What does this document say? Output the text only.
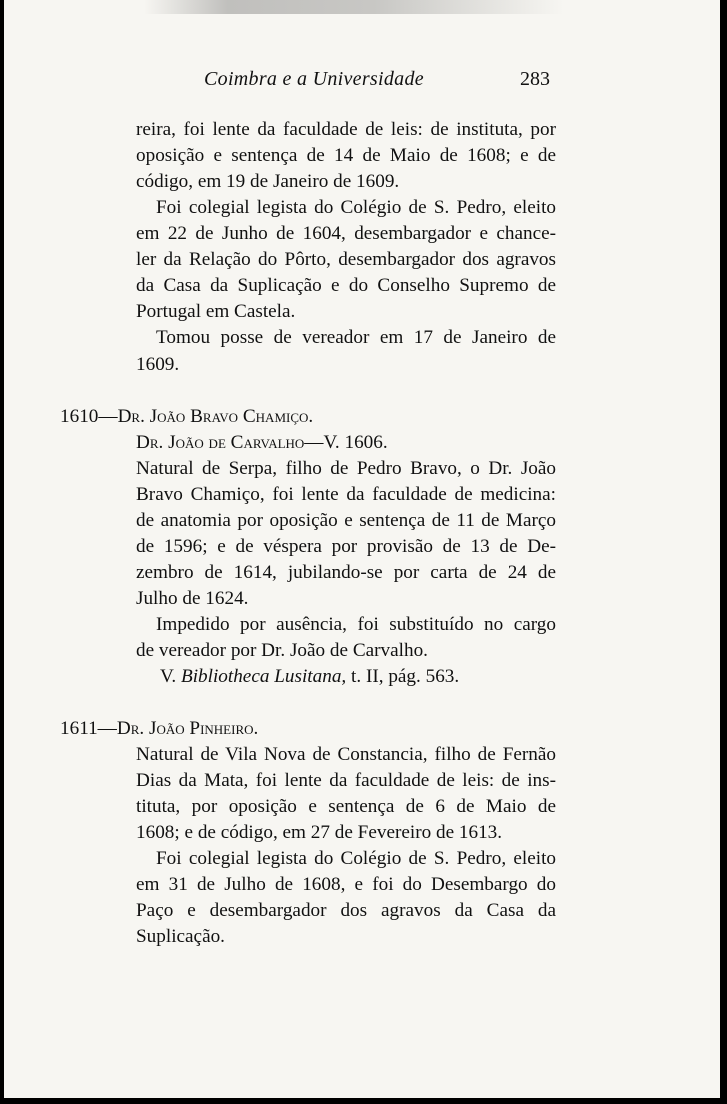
Coimbra e a Universidade	283
reira, foi lente da faculdade de leis: de instituta, por
oposição e sentença de 14 de Maio de 1608; e de
código, em 19 de Janeiro de 1609.
Foi colegial legista do Colégio de S. Pedro, eleito
em 22 de Junho de 1604, desembargador e chance-
ler da Relação do Pôrto, desembargador dos agravos
da Casa da Suplicação e do Conselho Supremo de
Portugal em Castela.
Tomou posse de vereador em 17 de Janeiro de
1609.
1610—Dr. João Bravo Chamiço.
Dr. João de Carvalho—V. 1606.
Natural de Serpa, filho de Pedro Bravo, o Dr. João
Bravo Chamiço, foi lente da faculdade de medicina:
de anatomia por oposição e sentença de 11 de Março
de 1596; e de véspera por provisão de 13 de De-
zembro de 1614, jubilando-se por carta de 24 de
Julho de 1624.
Impedido por ausência, foi substituído no cargo
de vereador por Dr. João de Carvalho.
V. Bibliotheca Lusitana, t. II, pág. 563.
1611—Dr. João Pinheiro.
Natural de Vila Nova de Constancia, filho de Fernão
Dias da Mata, foi lente da faculdade de leis: de ins-
tituta, por oposição e sentença de 6 de Maio de
1608; e de código, em 27 de Fevereiro de 1613.
Foi colegial legista do Colégio de S. Pedro, eleito
em 31 de Julho de 1608, e foi do Desembargo do
Paço e desembargador dos agravos da Casa da
Suplicação.
